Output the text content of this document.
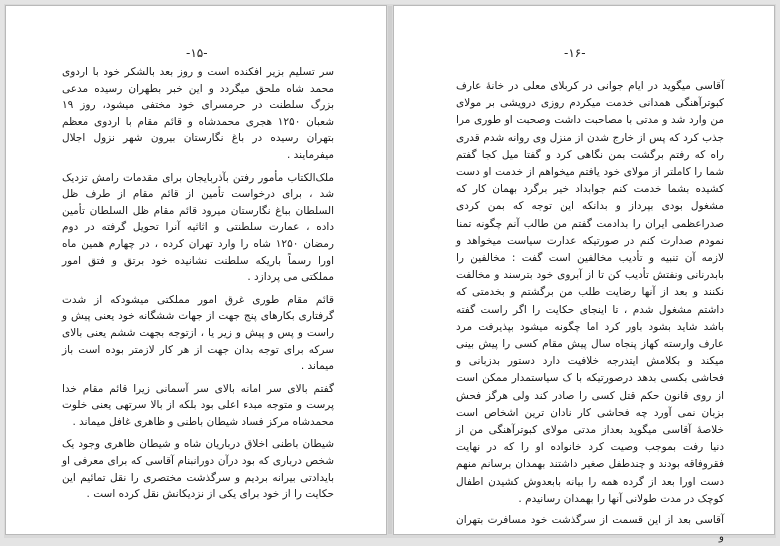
-۱۵-

سر تسلیم بزیر افکنده است و روز بعد بالشکر خود با اردوی محمد شاه ملحق میگردد و این خبر بطهران رسیده مدعی بزرگ سلطنت در حرمسرای خود مختفی میشود، روز ۱۹ شعبان ۱۲۵۰ هجری محمدشاه و قائم مقام با اردوی معظم بتهران رسیده در باغ نگارستان بیرون شهر نزول اجلال میفرمایند .

ملک‌الکتاب مأمور رفتن بآذربایجان برای مقدمات رامش تزدیک شد ، برای درخواست تأمین از قائم مقام از طرف ظل السلطان بباغ نگارستان میرود قائم مقام ظل السلطان تأمین داده ، عمارت سلطنتی و اثاثیه آنرا تحویل گرفته در دوم رمضان ۱۲۵۰ شاه را وارد تهران کرده ، در چهارم همین ماه اورا رسماً باریکه سلطنت نشانیده خود برتق و فتق امور مملکتی می پردازد .

قائم مقام طوری غرق امور مملکتی میشودکه از شدت گرفتاری بکارهای پنج جهت از جهات ششگانه خود یعنی پیش و راست و پس و پیش و زیر یا ، ازتوجه بجهت ششم یعنی بالای سرکه برای توجه بدان جهت از هر کار لازمتر بوده است باز میماند .

گفتم بالای سر امانه بالای سر آسمانی زیرا قائم مقام خدا پرست و متوجه مبدء اعلی بود بلکه از بالا سرتهی یعنی خلوت محمدشاه مرکز فساد شیطان باطنی و ظاهری غافل میماند .

شیطان باطنی اخلاق درباریان شاه و شیطان ظاهری وجود یک شخص درباری که بود درآن دورانبنام آقاسی که برای معرفی او بایدادتی بیرانه بردیم و سرگذشت مختصری را نقل تمائیم این حکایت را از خود برای یکی از نزدیکانش نقل کرده است .

-۱۶-

آقاسی میگوید در ایام جوانی در کربلای معلی در خانهٔ عارف کبوترآهنگی همدانی خدمت میکردم روزی درویشی بر مولای من وارد شد و مدتی با مصاحبت داشت وصحبت او طوری مرا جذب کرد که پس از خارج شدن از منزل وی روانه شدم قدری راه که رفتم برگشت بمن نگاهی کرد و گفتا میل کجا گفتم شما را کاملتر از مولای خود یافتم میخواهم از خدمت او دست کشیده بشما خدمت کنم جوابداد خیر برگرد بهمان کار که مشغول بودی بپرداز و بدانکه این توجه که بمن کردی صدراعظمی ایران را بدادمت گفتم من طالب آنم چگونه تمنا نمودم صدارت کنم در صورتیکه عدارت سیاست میخواهد و لازمه آن تنبیه و تأدیب مخالفین است گفت : مخالفین را بابدرنانی ونفتش تأدیب کن تا از آبروی خود بترسند و مخالفت نکنند و بعد از آنها رضایت طلب من برگشتم و بخدمتی که داشتم مشغول شدم ، تا اینجای حکایت را اگر راست گفته باشد شاید بشود باور کرد اما چگونه میشود بپذیرفت مرد عارف وارسته کهاز پنجاه سال پیش مقام کسی را پیش بینی میکند و بکلامش ایتدرجه خلافیت دارد دستور بدزبانی و فحاشی بکسی بدهد درصورتیکه با ک سیاستمدار ممکن است از روی قانون حکم قتل کسی را صادر کند ولی هرگز فحش بزبان نمی آورد چه فحاشی کار نادان ترین اشخاص است خلاصهٔ آقاسی میگوید بعداز مدتی مولای کبوترآهنگی من از دنیا رفت بموجب وصیت کرد خانواده او را که در نهایت فقروفاقه بودند و چندطفل صغیر داشتند بهمدان برسانم منهم دست اورا بعد از گرده همه را بیانه بابعدوش کشیدن اطفال کوچک در مدت طولانی آنها را بهمدان رسانیدم .

آقاسی بعد از این قسمت از سرگذشت خود مسافرت بتهران و
